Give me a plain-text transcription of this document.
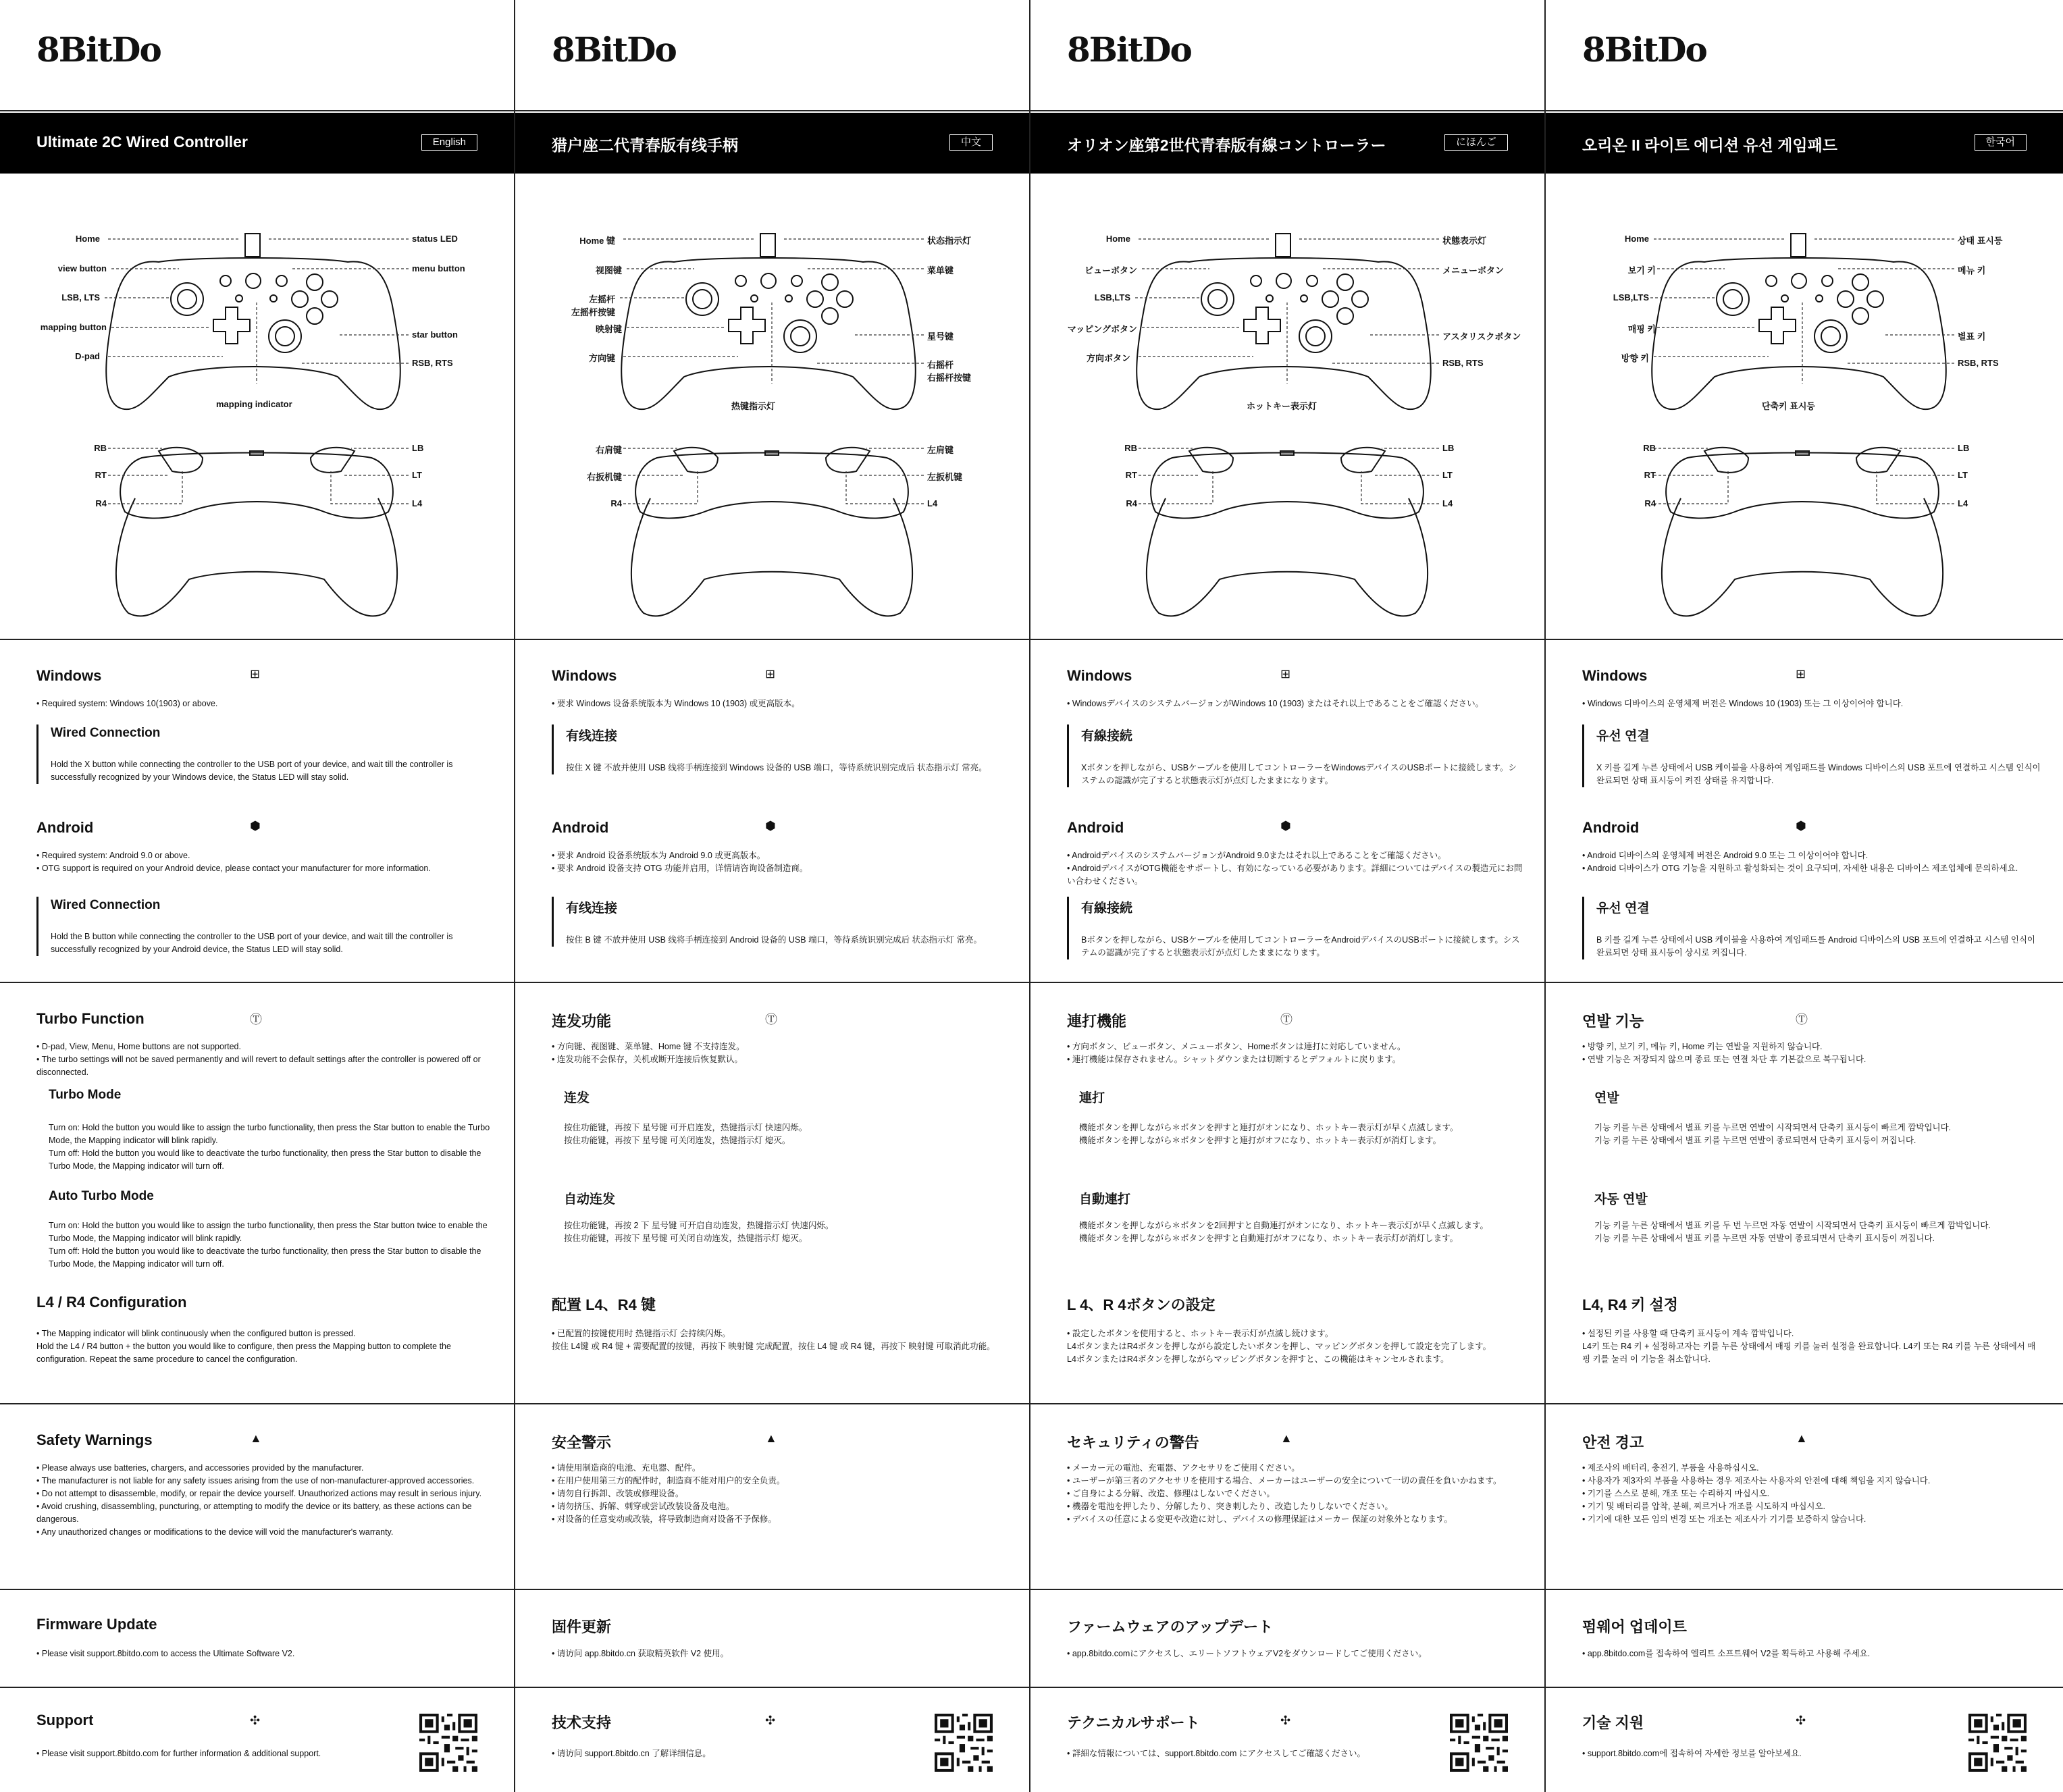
8BitDo
Ultimate 2C Wired Controller	English
Home
view button
LSB, LTS
mapping button
D-pad
status LED
menu button
star button
RSB, RTS
mapping indicator
RB
RT
R4
LB
LT
L4
Windows	⊞
• Required system: Windows 10(1903) or above.
Wired Connection
Hold the X button while connecting the controller to the USB port of your device, and wait till the controller is successfully recognized by your Windows device, the Status LED will stay solid.
Android	⬢
• Required system: Android 9.0 or above.
• OTG support is required on your Android device, please contact your manufacturer for more information.
Wired Connection
Hold the B button while connecting the controller to the USB port of your device, and wait till the controller is successfully recognized by your Android device, the Status LED will stay solid.
Turbo Function	Ⓣ
• D-pad, View, Menu, Home buttons are not supported.
• The turbo settings will not be saved permanently and will revert to default settings after the controller is powered off or disconnected.
Turbo Mode
Turn on: Hold the button you would like to assign the turbo functionality, then press the Star button to enable the Turbo Mode, the Mapping indicator will blink rapidly.
Turn off: Hold the button you would like to deactivate the turbo functionality, then press the Star button to disable the Turbo Mode, the Mapping indicator will turn off.
Auto Turbo Mode
Turn on: Hold the button you would like to assign the turbo functionality, then press the Star button twice to enable the Turbo Mode, the Mapping indicator will blink rapidly.
Turn off: Hold the button you would like to deactivate the turbo functionality, then press the Star button to disable the Turbo Mode, the Mapping indicator will turn off.
L4 / R4 Configuration
• The Mapping indicator will blink continuously when the configured button is pressed.
Hold the L4 / R4 button + the button you would like to configure, then press the Mapping button to complete the configuration. Repeat the same procedure to cancel the configuration.
Safety Warnings	▲
• Please always use batteries, chargers, and accessories provided by the manufacturer.
• The manufacturer is not liable for any safety issues arising from the use of non-manufacturer-approved accessories.
• Do not attempt to disassemble, modify, or repair the device yourself. Unauthorized actions may result in serious injury.
• Avoid crushing, disassembling, puncturing, or attempting to modify the device or its battery, as these actions can be dangerous.
• Any unauthorized changes or modifications to the device will void the manufacturer's warranty.
Firmware Update
• Please visit support.8bitdo.com to access the Ultimate Software V2.
Support	✣
• Please visit support.8bitdo.com for further information & additional support.
8BitDo
猎户座二代青春版有线手柄	中文
Home 键
视图键
左摇杆
左摇杆按键
映射键
方向键
状态指示灯
菜单键
星号键
右摇杆
右摇杆按键
热键指示灯
右肩键
右扳机键
R4
左肩键
左扳机键
L4
Windows	⊞
• 要求 Windows 设备系统版本为 Windows 10 (1903) 或更高版本。
有线连接
按住 X 键 不放并使用 USB 线将手柄连接到 Windows 设备的 USB 端口，等待系统识别完成后 状态指示灯 常亮。
Android	⬢
• 要求 Android 设备系统版本为 Android 9.0 或更高版本。
• 要求 Android 设备支持 OTG 功能并启用，详情请咨询设备制造商。
有线连接
按住 B 键 不放并使用 USB 线将手柄连接到 Android 设备的 USB 端口，等待系统识别完成后 状态指示灯 常亮。
连发功能	Ⓣ
• 方向键、视图键、菜单键、Home 键 不支持连发。
• 连发功能不会保存，关机或断开连接后恢复默认。
连发
按住功能键，再按下 星号键 可开启连发，热键指示灯 快速闪烁。
按住功能键，再按下 星号键 可关闭连发，热键指示灯 熄灭。
自动连发
按住功能键，再按 2 下 星号键 可开启自动连发，热键指示灯 快速闪烁。
按住功能键，再按下 星号键 可关闭自动连发，热键指示灯 熄灭。
配置 L4、R4 键
• 已配置的按键使用时 热键指示灯 会持续闪烁。
按住 L4键 或 R4 键 + 需要配置的按键，再按下 映射键 完成配置，按住 L4 键 或 R4 键，再按下 映射键 可取消此功能。
安全警示	▲
• 请使用制造商的电池、充电器、配件。
• 在用户使用第三方的配件时，制造商不能对用户的安全负责。
• 请勿自行拆卸、改装或修理设备。
• 请勿挤压、拆解、刺穿或尝试改装设备及电池。
• 对设备的任意变动或改装，将导致制造商对设备不予保修。
固件更新
• 请访问 app.8bitdo.cn 获取精英软件 V2 使用。
技术支持	✣
• 请访问 support.8bitdo.cn 了解详细信息。
8BitDo
オリオン座第2世代青春版有線コントローラー	にほんご
Home
ビューボタン
LSB,LTS
マッピングボタン
方向ボタン
状態表示灯
メニューボタン
アスタリスクボタン
RSB, RTS
ホットキー表示灯
RB
RT
R4
LB
LT
L4
Windows	⊞
• WindowsデバイスのシステムバージョンがWindows 10 (1903) またはそれ以上であることをご確認ください。
有線接続
Xボタンを押しながら、USBケーブルを使用してコントローラーをWindowsデバイスのUSBポートに接続します。システムの認識が完了すると状態表示灯が点灯したままになります。
Android	⬢
• AndroidデバイスのシステムバージョンがAndroid 9.0またはそれ以上であることをご確認ください。
• AndroidデバイスがOTG機能をサポートし、有効になっている必要があります。詳細についてはデバイスの製造元にお問い合わせください。
有線接続
Bボタンを押しながら、USBケーブルを使用してコントローラーをAndroidデバイスのUSBポートに接続します。システムの認識が完了すると状態表示灯が点灯したままになります。
連打機能	Ⓣ
• 方向ボタン、ビューボタン、メニューボタン、Homeボタンは連打に対応していません。
• 連打機能は保存されません。シャットダウンまたは切断するとデフォルトに戻ります。
連打
機能ボタンを押しながら＊ボタンを押すと連打がオンになり、ホットキー表示灯が早く点滅します。
機能ボタンを押しながら＊ボタンを押すと連打がオフになり、ホットキー表示灯が消灯します。
自動連打
機能ボタンを押しながら＊ボタンを2回押すと自動連打がオンになり、ホットキー表示灯が早く点滅します。
機能ボタンを押しながら＊ボタンを押すと自動連打がオフになり、ホットキー表示灯が消灯します。
L 4、R 4ボタンの設定
• 設定したボタンを使用すると、ホットキー表示灯が点滅し続けます。
L4ボタンまたはR4ボタンを押しながら設定したいボタンを押し、マッピングボタンを押して設定を完了します。
L4ボタンまたはR4ボタンを押しながらマッピングボタンを押すと、この機能はキャンセルされます。
セキュリティの警告	▲
• メーカー元の電池、充電器、アクセサリをご使用ください。
• ユーザーが第三者のアクセサリを使用する場合、メーカーはユーザーの安全について一切の責任を負いかねます。
• ご自身による分解、改造、修理はしないでください。
• 機器を電池を押したり、分解したり、突き刺したり、改造したりしないでください。
• デバイスの任意による変更や改造に対し、デバイスの修理保証はメーカー 保証の対象外となります。
ファームウェアのアップデート
• app.8bitdo.comにアクセスし、エリートソフトウェアV2をダウンロードしてご使用ください。
テクニカルサポート	✣
• 詳細な情報については、support.8bitdo.com にアクセスしてご確認ください。
8BitDo
오리온 II 라이트 에디션 유선 게임패드	한국어
Home
보기 키
LSB,LTS
매핑 키
방향 키
상태 표시등
메뉴 키
별표 키
RSB, RTS
단축키 표시등
RB
RT
R4
LB
LT
L4
Windows	⊞
• Windows 디바이스의 운영체제 버전은 Windows 10 (1903) 또는 그 이상이어야 합니다.
유선 연결
X 키를 길게 누른 상태에서 USB 케이블을 사용하여 게임패드를 Windows 디바이스의 USB 포트에 연결하고 시스템 인식이 완료되면 상태 표시등이 켜진 상태를 유지합니다.
Android	⬢
• Android 디바이스의 운영체제 버전은 Android 9.0 또는 그 이상이어야 합니다.
• Android 디바이스가 OTG 기능을 지원하고 활성화되는 것이 요구되며, 자세한 내용은 디바이스 제조업체에 문의하세요.
유선 연결
B 키를 길게 누른 상태에서 USB 케이블을 사용하여 게임패드를 Android 디바이스의 USB 포트에 연결하고 시스템 인식이 완료되면 상태 표시등이 상시로 켜집니다.
연발 기능	Ⓣ
• 방향 키, 보기 키, 메뉴 키, Home 키는 연발을 지원하지 않습니다.
• 연발 기능은 저장되지 않으며 종료 또는 연결 차단 후 기본값으로 복구됩니다.
연발
기능 키를 누른 상태에서 별표 키를 누르면 연발이 시작되면서 단축키 표시등이 빠르게 깜박입니다.
기능 키를 누른 상태에서 별표 키를 누르면 연발이 종료되면서 단축키 표시등이 꺼집니다.
자동 연발
기능 키를 누른 상태에서 별표 키를 두 번 누르면 자동 연발이 시작되면서 단축키 표시등이 빠르게 깜박입니다.
기능 키를 누른 상태에서 별표 키를 누르면 자동 연발이 종료되면서 단축키 표시등이 꺼집니다.
L4, R4 키 설정
• 설정된 키를 사용할 때 단축키 표시등이 계속 깜박입니다.
L4키 또는 R4 키 + 설정하고자는 키를 누른 상태에서 매핑 키를 눌러 설정을 완료합니다. L4키 또는 R4 키를 누른 상태에서 매핑 키를 눌러 이 기능을 취소합니다.
안전 경고	▲
• 제조사의 배터리, 충전기, 부품을 사용하십시오.
• 사용자가 제3자의 부품을 사용하는 경우 제조사는 사용자의 안전에 대해 책임을 지지 않습니다.
• 기기를 스스로 분해, 개조 또는 수리하지 마십시오.
• 기기 및 배터리를 압착, 분해, 찌르거나 개조를 시도하지 마십시오.
• 기기에 대한 모든 임의 변경 또는 개조는 제조사가 기기를 보증하지 않습니다.
펌웨어 업데이트
• app.8bitdo.com를 접속하여 엘리트 소프트웨어 V2를 획득하고 사용해 주세요.
기술 지원	✣
• support.8bitdo.com에 접속하여 자세한 정보를 알아보세요.
